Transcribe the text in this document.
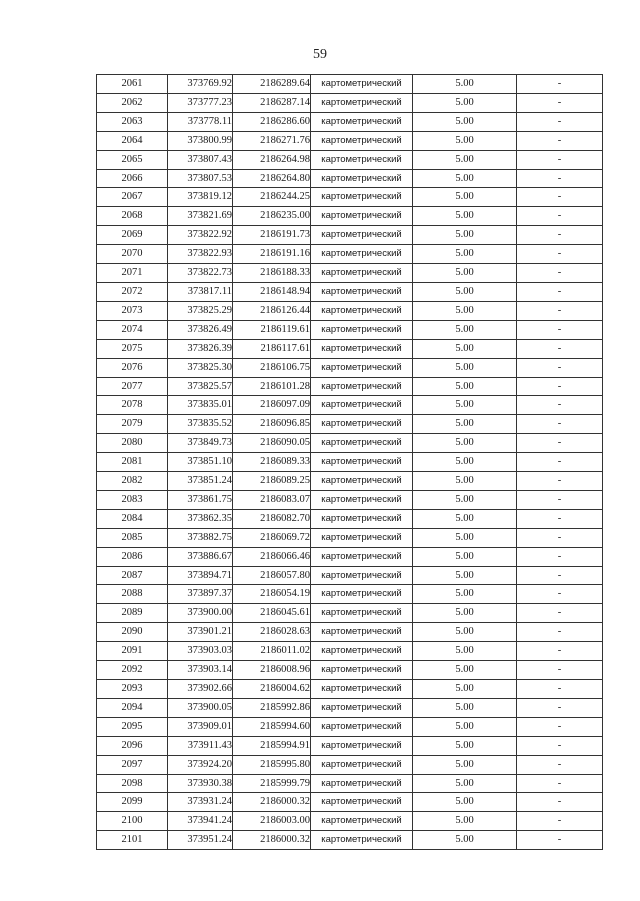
59
2061	373769.92	2186289.64	картометрический	5.00	-
2062	373777.23	2186287.14	картометрический	5.00	-
2063	373778.11	2186286.60	картометрический	5.00	-
2064	373800.99	2186271.76	картометрический	5.00	-
2065	373807.43	2186264.98	картометрический	5.00	-
2066	373807.53	2186264.80	картометрический	5.00	-
2067	373819.12	2186244.25	картометрический	5.00	-
2068	373821.69	2186235.00	картометрический	5.00	-
2069	373822.92	2186191.73	картометрический	5.00	-
2070	373822.93	2186191.16	картометрический	5.00	-
2071	373822.73	2186188.33	картометрический	5.00	-
2072	373817.11	2186148.94	картометрический	5.00	-
2073	373825.29	2186126.44	картометрический	5.00	-
2074	373826.49	2186119.61	картометрический	5.00	-
2075	373826.39	2186117.61	картометрический	5.00	-
2076	373825.30	2186106.75	картометрический	5.00	-
2077	373825.57	2186101.28	картометрический	5.00	-
2078	373835.01	2186097.09	картометрический	5.00	-
2079	373835.52	2186096.85	картометрический	5.00	-
2080	373849.73	2186090.05	картометрический	5.00	-
2081	373851.10	2186089.33	картометрический	5.00	-
2082	373851.24	2186089.25	картометрический	5.00	-
2083	373861.75	2186083.07	картометрический	5.00	-
2084	373862.35	2186082.70	картометрический	5.00	-
2085	373882.75	2186069.72	картометрический	5.00	-
2086	373886.67	2186066.46	картометрический	5.00	-
2087	373894.71	2186057.80	картометрический	5.00	-
2088	373897.37	2186054.19	картометрический	5.00	-
2089	373900.00	2186045.61	картометрический	5.00	-
2090	373901.21	2186028.63	картометрический	5.00	-
2091	373903.03	2186011.02	картометрический	5.00	-
2092	373903.14	2186008.96	картометрический	5.00	-
2093	373902.66	2186004.62	картометрический	5.00	-
2094	373900.05	2185992.86	картометрический	5.00	-
2095	373909.01	2185994.60	картометрический	5.00	-
2096	373911.43	2185994.91	картометрический	5.00	-
2097	373924.20	2185995.80	картометрический	5.00	-
2098	373930.38	2185999.79	картометрический	5.00	-
2099	373931.24	2186000.32	картометрический	5.00	-
2100	373941.24	2186003.00	картометрический	5.00	-
2101	373951.24	2186000.32	картометрический	5.00	-
